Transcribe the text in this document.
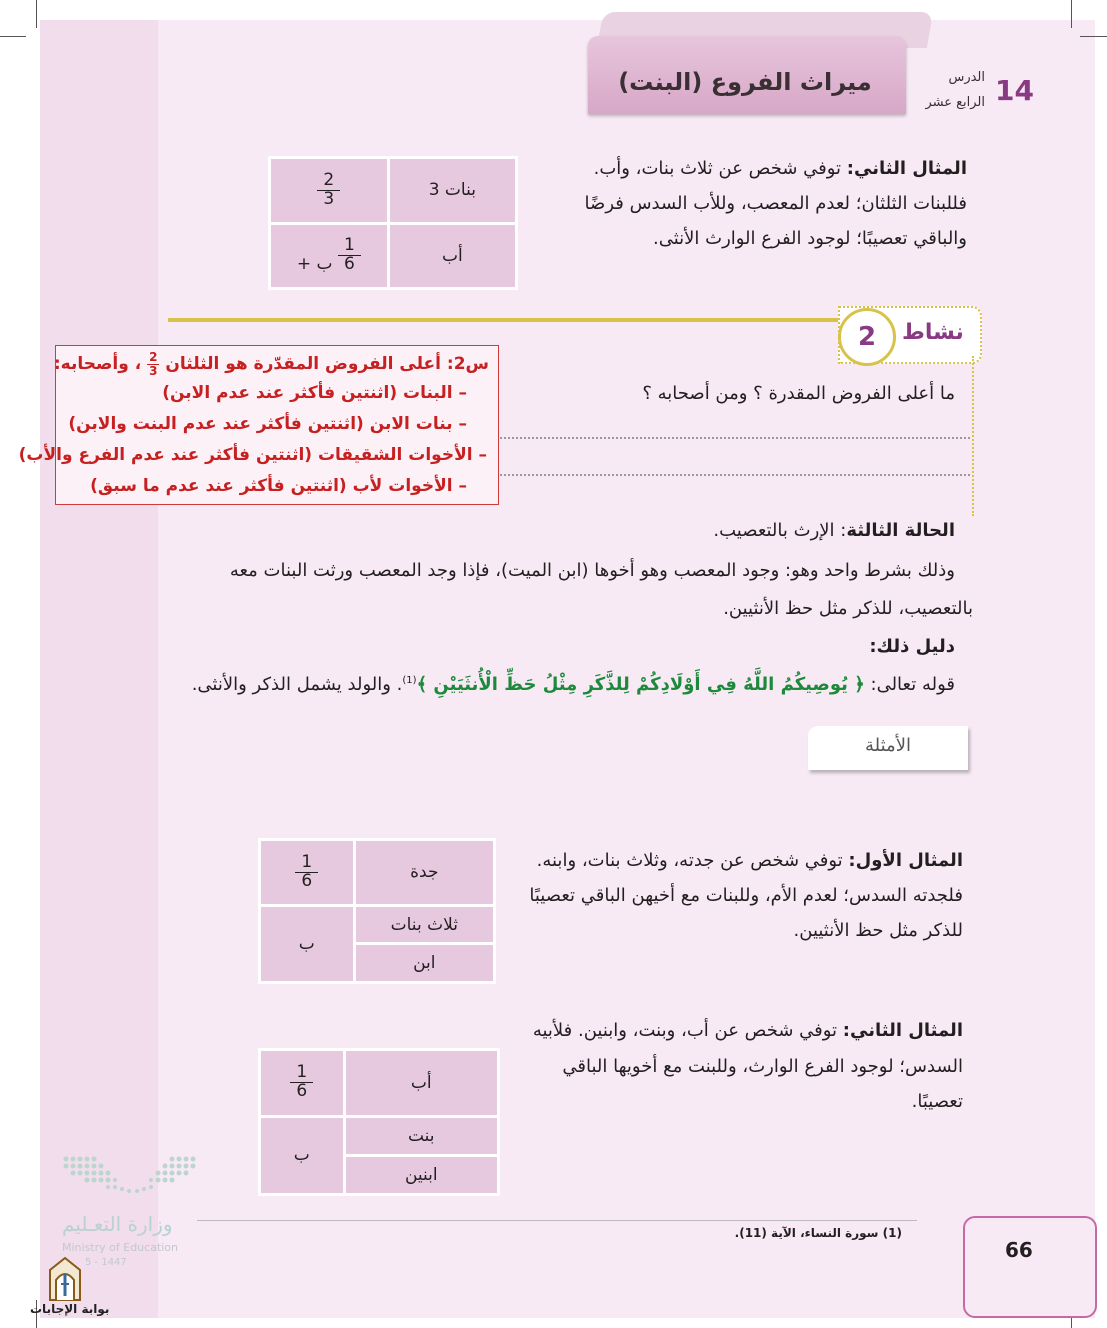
ميراث الفروع (البنت)	الدرس
الرابع عشر 14
المثال الثاني: توفي شخص عن ثلاث بنات، وأب.
فللبنات الثلثان؛ لعدم المعصب، وللأب السدس فرضًا
والباقي تعصيبًا؛ لوجود الفرع الوارث الأنثى.
$\frac{2}{3}$	3 بنات
+ ب $\frac{1}{6}$	أب
نشاط
2
ما أعلى الفروض المقدرة ؟ ومن أصحابه ؟
س2: أعلى الفروض المقدّرة هو الثلثان
$\frac{2}{3}$
، وأصحابه:
– البنات (اثنتين فأكثر عند عدم الابن)
– بنات الابن (اثنتين فأكثر عند عدم البنت والابن)
– الأخوات الشقيقات (اثنتين فأكثر عند عدم الفرع والأب)
– الأخوات لأب (اثنتين فأكثر عند عدم ما سبق)
الحالة الثالثة: الإرث بالتعصيب.
وذلك بشرط واحد وهو: وجود المعصب وهو أخوها (ابن الميت)، فإذا وجد المعصب ورثت البنات معه
بالتعصيب، للذكر مثل حظ الأنثيين.
دليل ذلك:
قوله تعالى: ﴿ يُوصِيكُمُ اللَّهُ فِي أَوْلَادِكُمْ لِلذَّكَرِ مِثْلُ حَظِّ الْأُنثَيَيْنِ ﴾$^{(1)}$. والولد يشمل الذكر والأنثى.
الأمثلة
المثال الأول: توفي شخص عن جدته، وثلاث بنات، وابنه.
فلجدته السدس؛ لعدم الأم، وللبنات مع أخيهن الباقي تعصيبًا
للذكر مثل حظ الأنثيين.
$\frac{1}{6}$	جدة
ب	ثلاث بنات
	ابن
المثال الثاني: توفي شخص عن أب، وبنت، وابنين. فلأبيه
السدس؛ لوجود الفرع الوارث، وللبنت مع أخويها الباقي
تعصيبًا.
$\frac{1}{6}$	أب
ب	بنت
	ابنين
وزارة التعـليم
Ministry of Education
5 - 1447
بوابة الإجابات
(1) سورة النساء، الآية (11).
66
